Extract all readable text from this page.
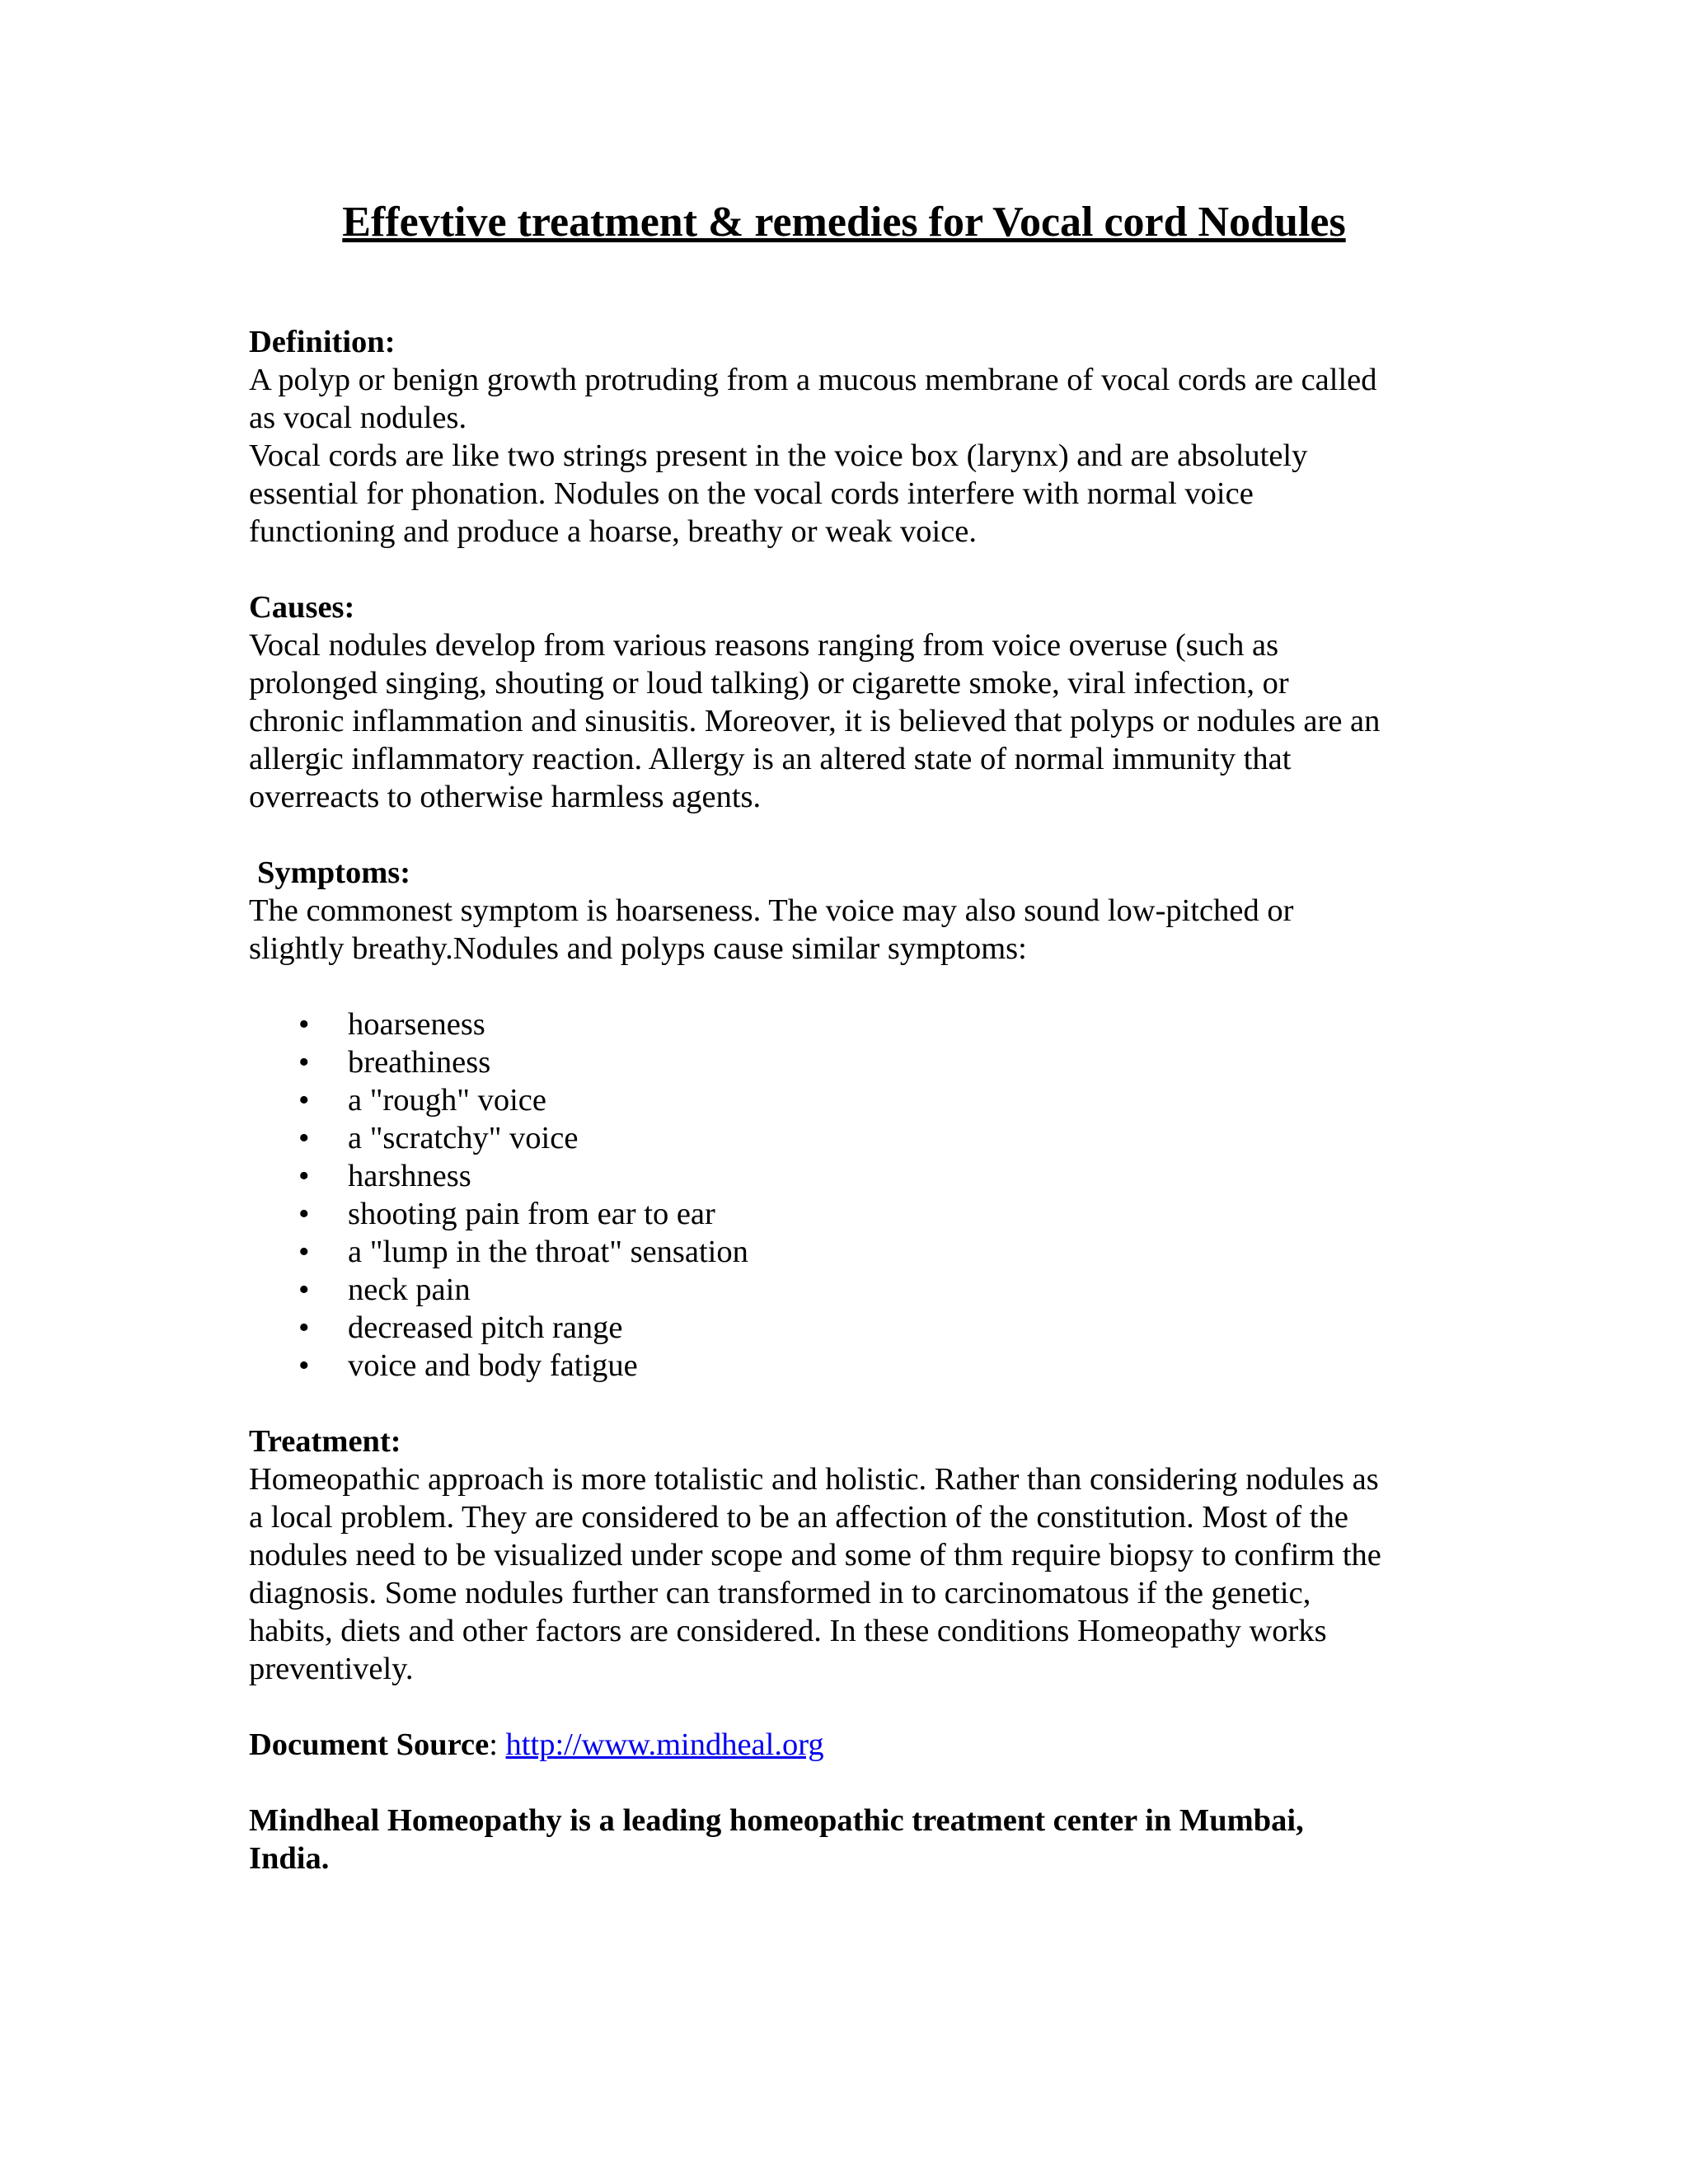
Effevtive treatment & remedies for Vocal cord Nodules
Definition:
A polyp or benign growth protruding from a mucous membrane of vocal cords are called
as vocal nodules.
Vocal cords are like two strings present in the voice box (larynx) and are absolutely
essential for phonation. Nodules on the vocal cords interfere with normal voice
functioning and produce a hoarse, breathy or weak voice.
Causes:
Vocal nodules develop from various reasons ranging from voice overuse (such as
prolonged singing, shouting or loud talking) or cigarette smoke, viral infection, or
chronic inflammation and sinusitis. Moreover, it is believed that polyps or nodules are an
allergic inflammatory reaction. Allergy is an altered state of normal immunity that
overreacts to otherwise harmless agents.
Symptoms:
The commonest symptom is hoarseness. The voice may also sound low-pitched or
slightly breathy.Nodules and polyps cause similar symptoms:
• hoarseness
• breathiness
• a "rough" voice
• a "scratchy" voice
• harshness
• shooting pain from ear to ear
• a "lump in the throat" sensation
• neck pain
• decreased pitch range
• voice and body fatigue
Treatment:
Homeopathic approach is more totalistic and holistic. Rather than considering nodules as
a local problem. They are considered to be an affection of the constitution. Most of the
nodules need to be visualized under scope and some of thm require biopsy to confirm the
diagnosis. Some nodules further can transformed in to carcinomatous if the genetic,
habits, diets and other factors are considered. In these conditions Homeopathy works
preventively.
Document Source: http://www.mindheal.org
Mindheal Homeopathy is a leading homeopathic treatment center in Mumbai,
India.
